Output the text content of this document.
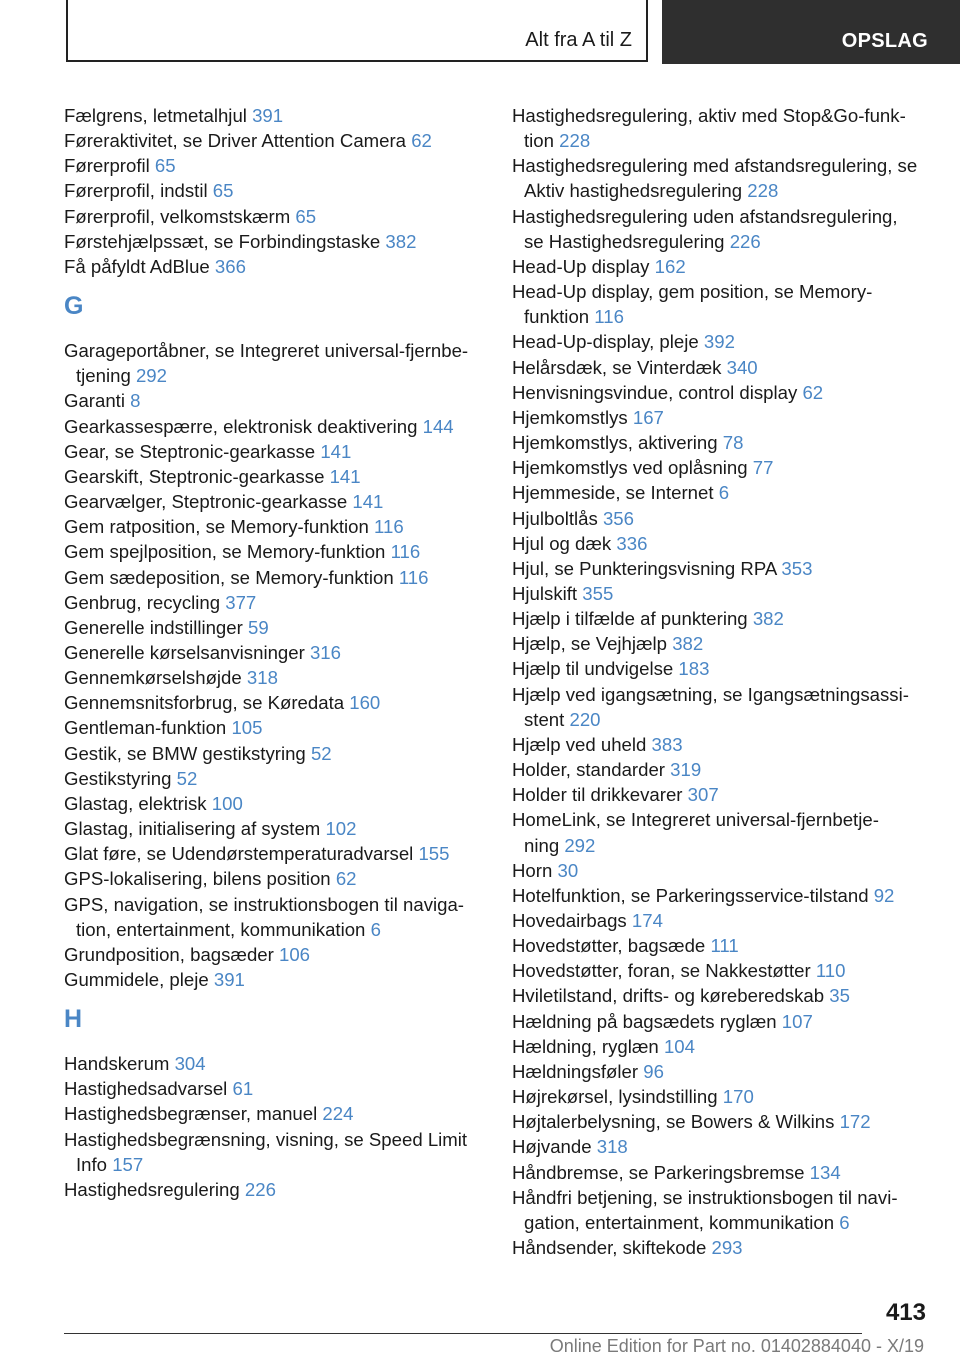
Alt fra A til Z	OPSLAG
Fælgrens, letmetalhjul 391
Føreraktivitet, se Driver Attention Camera 62
Førerprofil 65
Førerprofil, indstil 65
Førerprofil, velkomstskærm 65
Førstehjælpssæt, se Forbindingstaske 382
Få påfyldt AdBlue 366
G
Garageportåbner, se Integreret universal-fjernbe-
tjening 292
Garanti 8
Gearkassespærre, elektronisk deaktivering 144
Gear, se Steptronic-gearkasse 141
Gearskift, Steptronic-gearkasse 141
Gearvælger, Steptronic-gearkasse 141
Gem ratposition, se Memory-funktion 116
Gem spejlposition, se Memory-funktion 116
Gem sædeposition, se Memory-funktion 116
Genbrug, recycling 377
Generelle indstillinger 59
Generelle kørselsanvisninger 316
Gennemkørselshøjde 318
Gennemsnitsforbrug, se Køredata 160
Gentleman-funktion 105
Gestik, se BMW gestikstyring 52
Gestikstyring 52
Glastag, elektrisk 100
Glastag, initialisering af system 102
Glat føre, se Udendørstemperaturadvarsel 155
GPS-lokalisering, bilens position 62
GPS, navigation, se instruktionsbogen til naviga-
tion, entertainment, kommunikation 6
Grundposition, bagsæder 106
Gummidele, pleje 391
H
Handskerum 304
Hastighedsadvarsel 61
Hastighedsbegrænser, manuel 224
Hastighedsbegrænsning, visning, se Speed Limit
Info 157
Hastighedsregulering 226
Hastighedsregulering, aktiv med Stop&Go-funk-
tion 228
Hastighedsregulering med afstandsregulering, se
Aktiv hastighedsregulering 228
Hastighedsregulering uden afstandsregulering,
se Hastighedsregulering 226
Head-Up display 162
Head-Up display, gem position, se Memory-
funktion 116
Head-Up-display, pleje 392
Helårsdæk, se Vinterdæk 340
Henvisningsvindue, control display 62
Hjemkomstlys 167
Hjemkomstlys, aktivering 78
Hjemkomstlys ved oplåsning 77
Hjemmeside, se Internet 6
Hjulboltlås 356
Hjul og dæk 336
Hjul, se Punkteringsvisning RPA 353
Hjulskift 355
Hjælp i tilfælde af punktering 382
Hjælp, se Vejhjælp 382
Hjælp til undvigelse 183
Hjælp ved igangsætning, se Igangsætningsassi-
stent 220
Hjælp ved uheld 383
Holder, standarder 319
Holder til drikkevarer 307
HomeLink, se Integreret universal-fjernbetje-
ning 292
Horn 30
Hotelfunktion, se Parkeringsservice-tilstand 92
Hovedairbags 174
Hovedstøtter, bagsæde 111
Hovedstøtter, foran, se Nakkestøtter 110
Hviletilstand, drifts- og køreberedskab 35
Hældning på bagsædets ryglæn 107
Hældning, ryglæn 104
Hældningsføler 96
Højrekørsel, lysindstilling 170
Højtalerbelysning, se Bowers & Wilkins 172
Højvande 318
Håndbremse, se Parkeringsbremse 134
Håndfri betjening, se instruktionsbogen til navi-
gation, entertainment, kommunikation 6
Håndsender, skiftekode 293
413
Online Edition for Part no. 01402884040 - X/19
